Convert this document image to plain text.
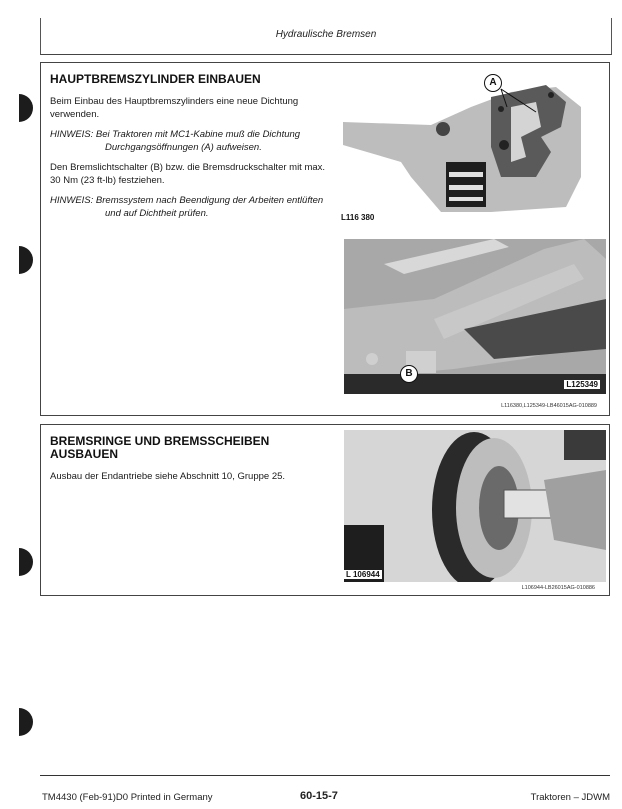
Hydraulische Bremsen
HAUPTBREMSZYLINDER EINBAUEN

Beim Einbau des Hauptbremszylinders eine neue Dichtung verwenden.

HINWEIS: Bei Traktoren mit MC1-Kabine muß die Dichtung Durchgangsöffnungen (A) aufweisen.

Den Bremslichtschalter (B) bzw. die Bremsdruckschalter mit max. 30 Nm (23 ft-lb) festziehen.

HINWEIS: Bremssystem nach Beendigung der Arbeiten entlüften und auf Dichtheit prüfen.

A
L116 380
B
L125349
L116380,L125349-LB46015AG-010889
BREMSRINGE UND BREMSSCHEIBEN AUSBAUEN

Ausbau der Endantriebe siehe Abschnitt 10, Gruppe 25.

L 106944
L106944-LB26015AG-010886
TM4430 (Feb-91)D0 Printed in Germany	60-15-7	Traktoren – JDWM
